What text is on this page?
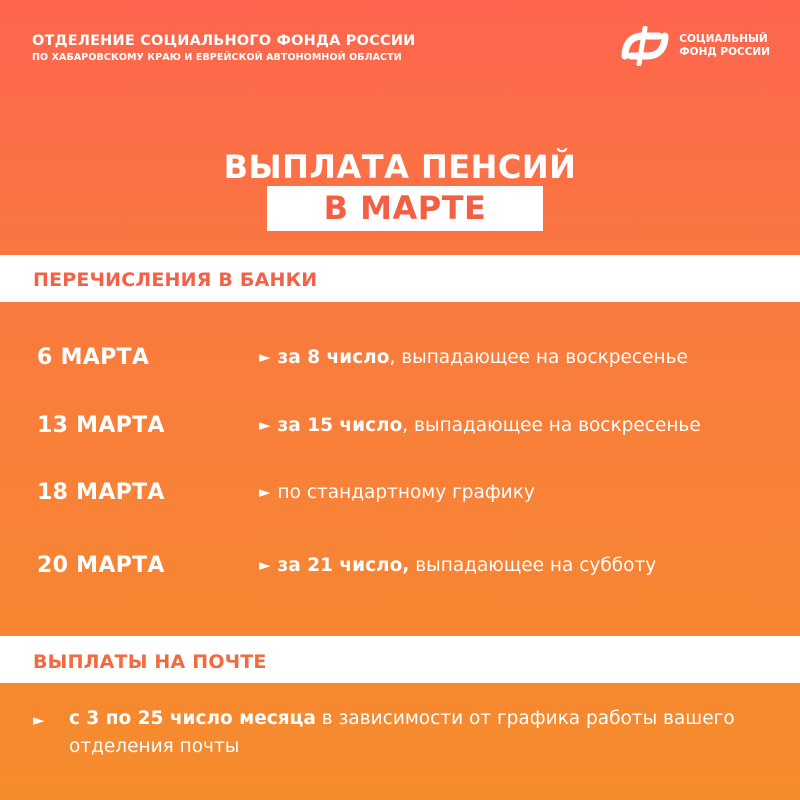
ОТДЕЛЕНИЕ СОЦИАЛЬНОГО ФОНДА РОССИИ
ПО ХАБАРОВСКОМУ КРАЮ И ЕВРЕЙСКОЙ АВТОНОМНОЙ ОБЛАСТИ
СОЦИАЛЬНЫЙ
ФОНД РОССИИ
ВЫПЛАТА ПЕНСИЙ
В МАРТЕ
ПЕРЕЧИСЛЕНИЯ В БАНКИ
6 МАРТА	► за 8 число, выпадающее на воскресенье
13 МАРТА	► за 15 число, выпадающее на воскресенье
18 МАРТА	► по стандартному графику
20 МАРТА	► за 21 число, выпадающее на субботу
ВЫПЛАТЫ НА ПОЧТЕ
► с 3 по 25 число месяца в зависимости от графика работы вашего отделения почты
